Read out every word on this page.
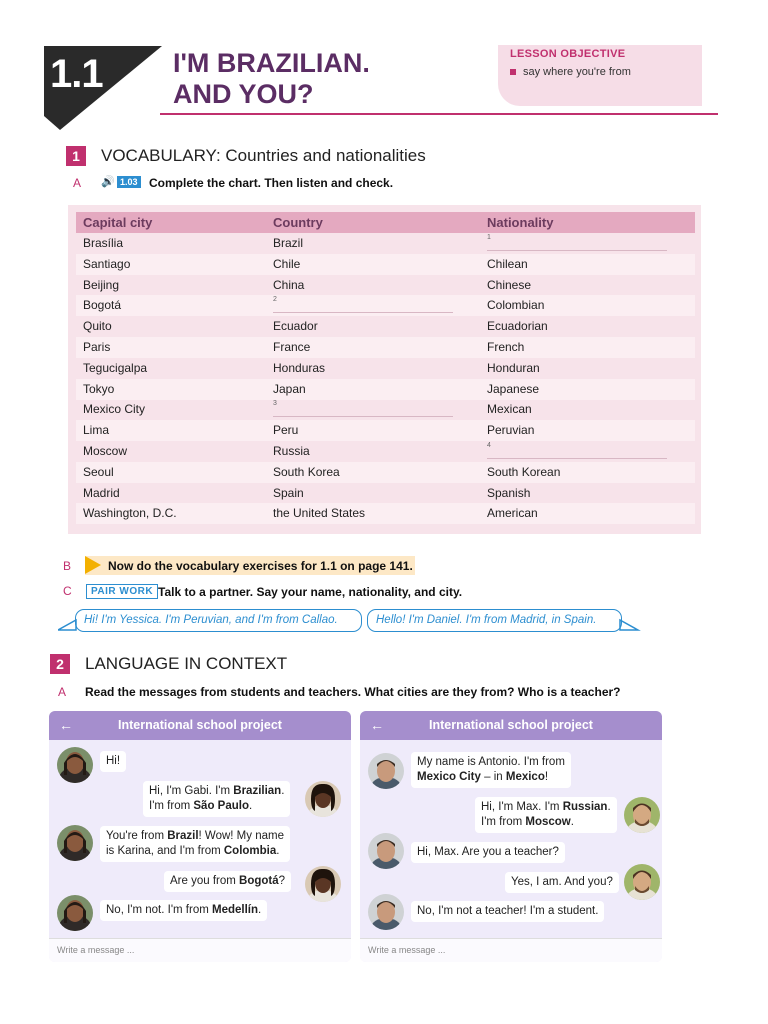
1.1	I'M BRAZILIAN.
AND YOU?
LESSON OBJECTIVE
say where you're from
1	VOCABULARY: Countries and nationalities
A 🔊 1.03 Complete the chart. Then listen and check.
Capital city	Country	Nationality
Brasília	Brazil	1
Santiago	Chile	Chilean
Beijing	China	Chinese
Bogotá	2	Colombian
Quito	Ecuador	Ecuadorian
Paris	France	French
Tegucigalpa	Honduras	Honduran
Tokyo	Japan	Japanese
Mexico City	3	Mexican
Lima	Peru	Peruvian
Moscow	Russia	4
Seoul	South Korea	South Korean
Madrid	Spain	Spanish
Washington, D.C.	the United States	American
B	Now do the vocabulary exercises for 1.1 on page 141.
C	PAIR WORK Talk to a partner. Say your name, nationality, and city.
Hi! I'm Yessica. I'm Peruvian, and I'm from Callao.	Hello! I'm Daniel. I'm from Madrid, in Spain.
2	LANGUAGE IN CONTEXT
A Read the messages from students and teachers. What cities are they from? Who is a teacher?
←	International school project
Hi!
Hi, I'm Gabi. I'm Brazilian.
I'm from São Paulo.
You're from Brazil! Wow! My name
is Karina, and I'm from Colombia.
Are you from Bogotá?
No, I'm not. I'm from Medellín.
Write a message ...
←	International school project
My name is Antonio. I'm from
Mexico City – in Mexico!
Hi, I'm Max. I'm Russian.
I'm from Moscow.
Hi, Max. Are you a teacher?
Yes, I am. And you?
No, I'm not a teacher! I'm a student.
Write a message ...
